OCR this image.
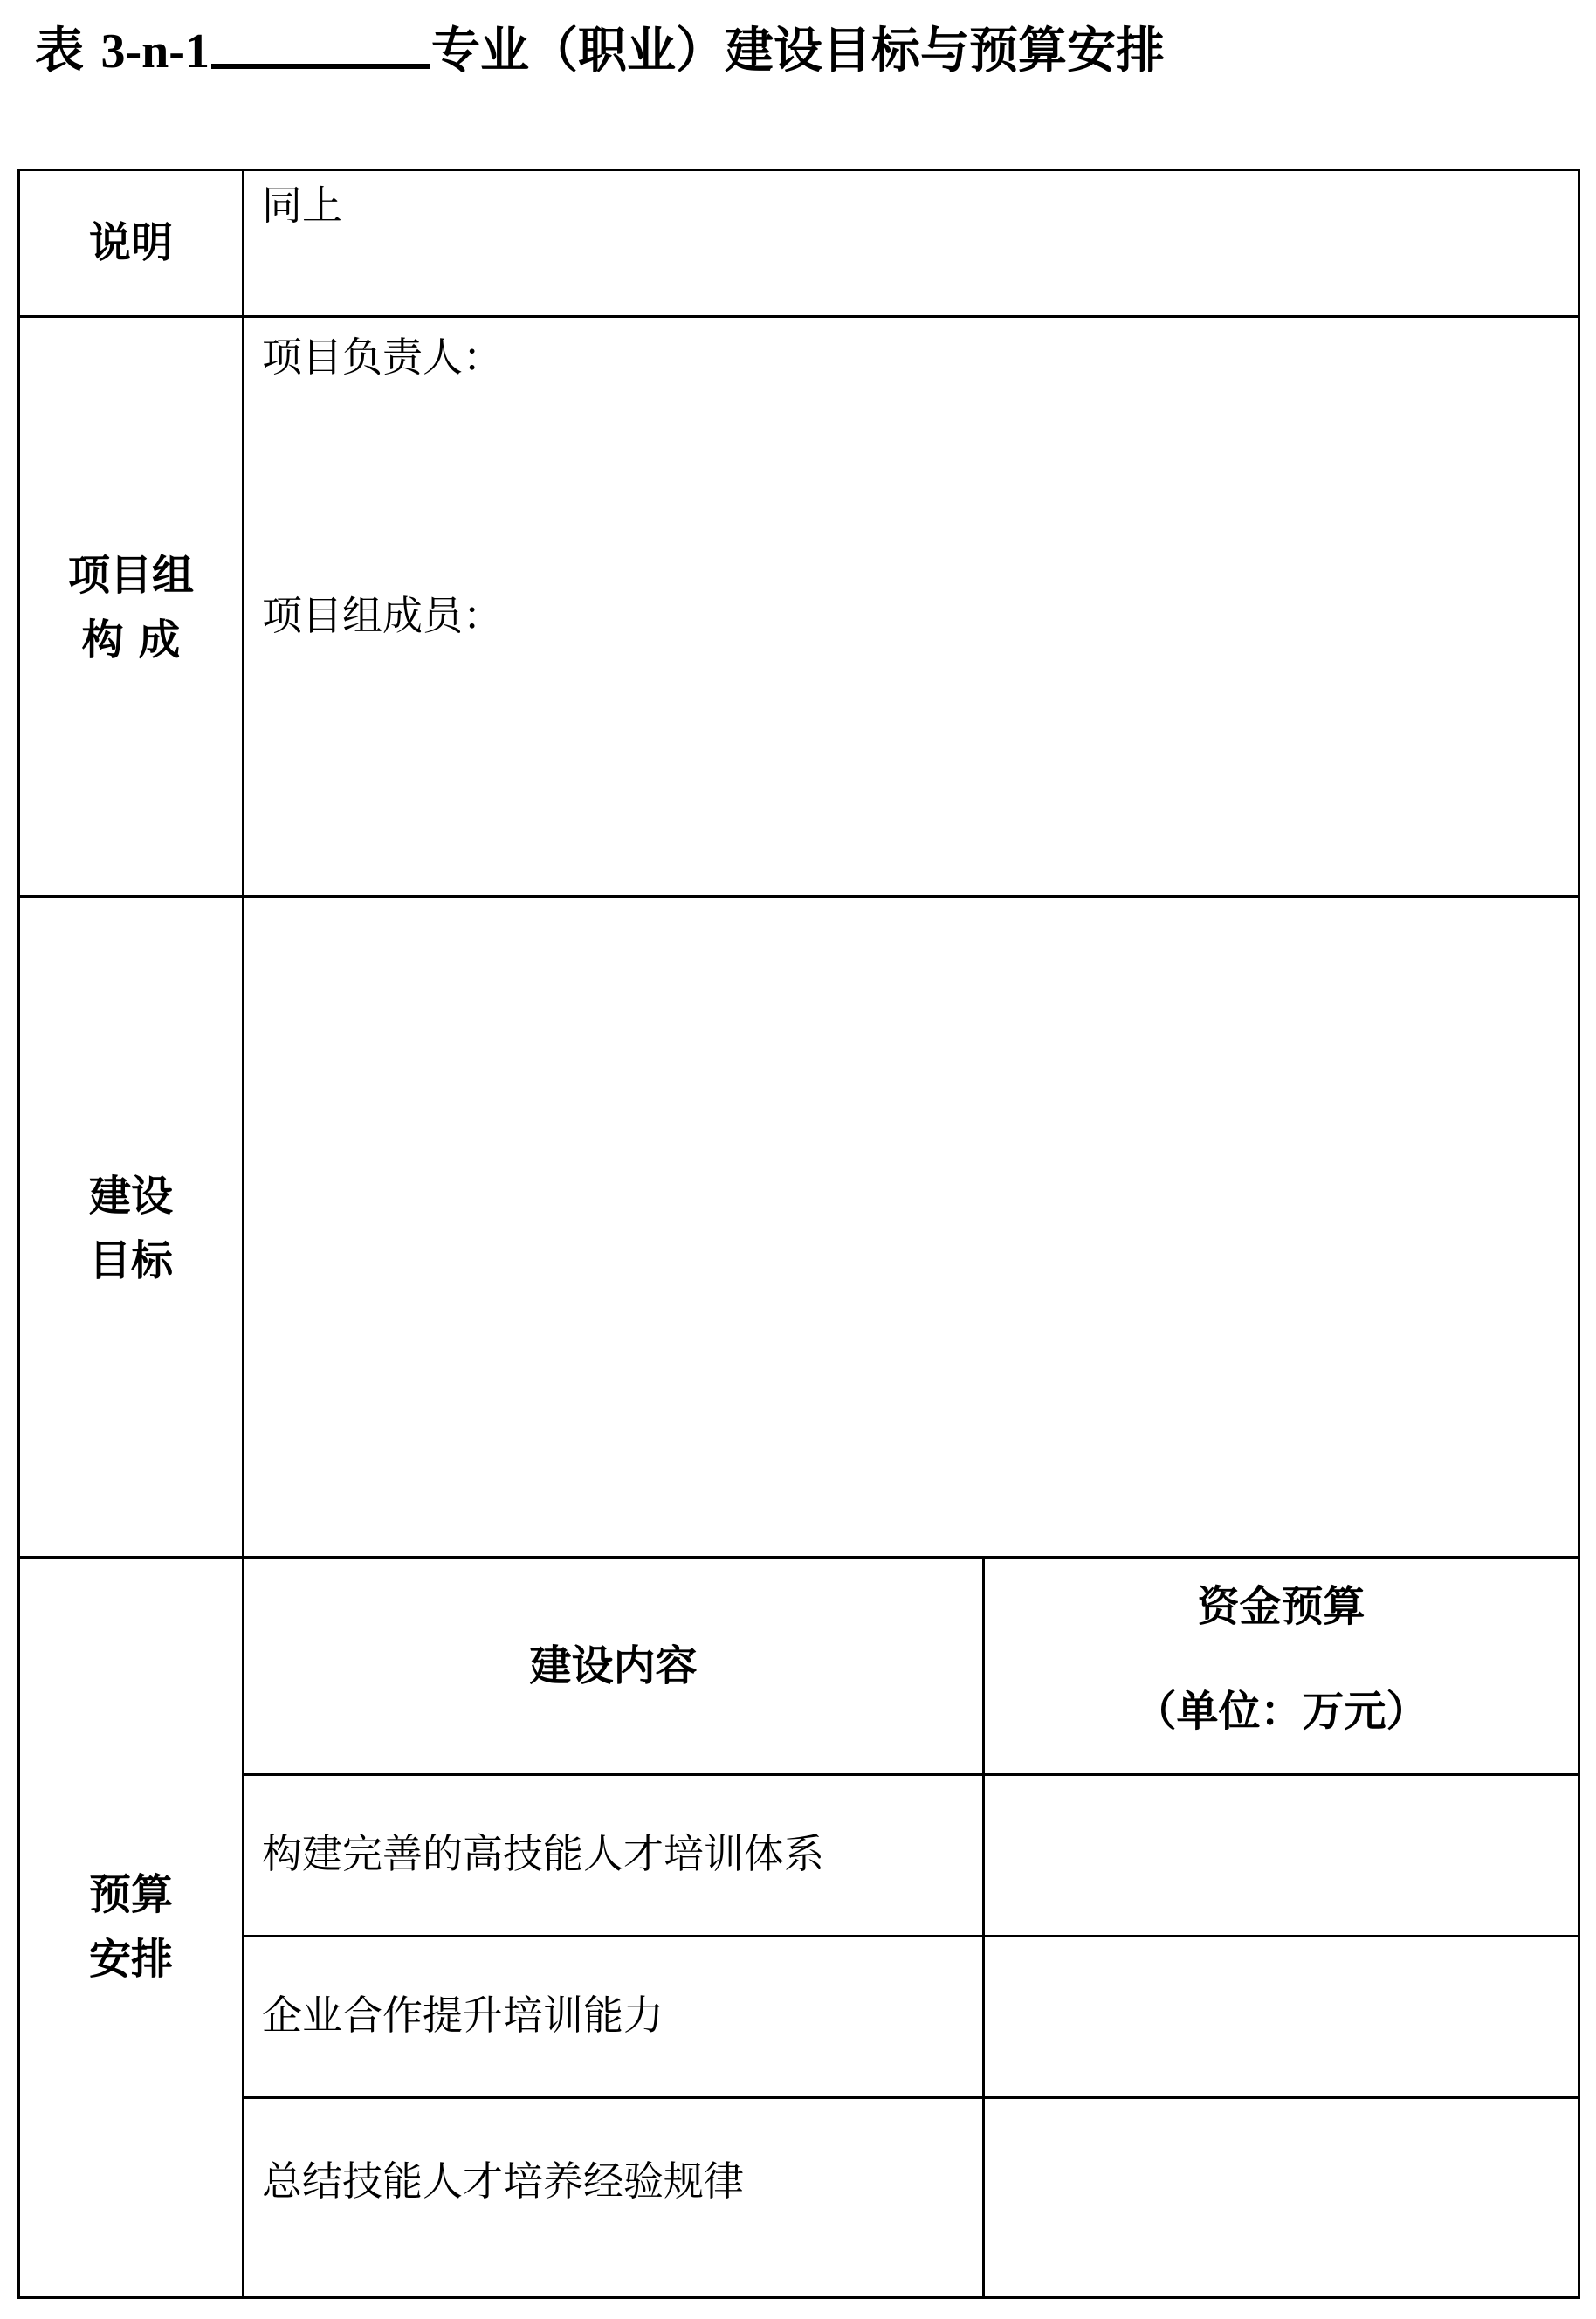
表 3-n-1	专业（职业）建设目标与预算安排
说明
同上
项目组
构 成
项目负责人：
项目组成员：
建设
目标
预算
安排
建设内容
资金预算
（单位：万元）
构建完善的高技能人才培训体系
企业合作提升培训能力
总结技能人才培养经验规律
